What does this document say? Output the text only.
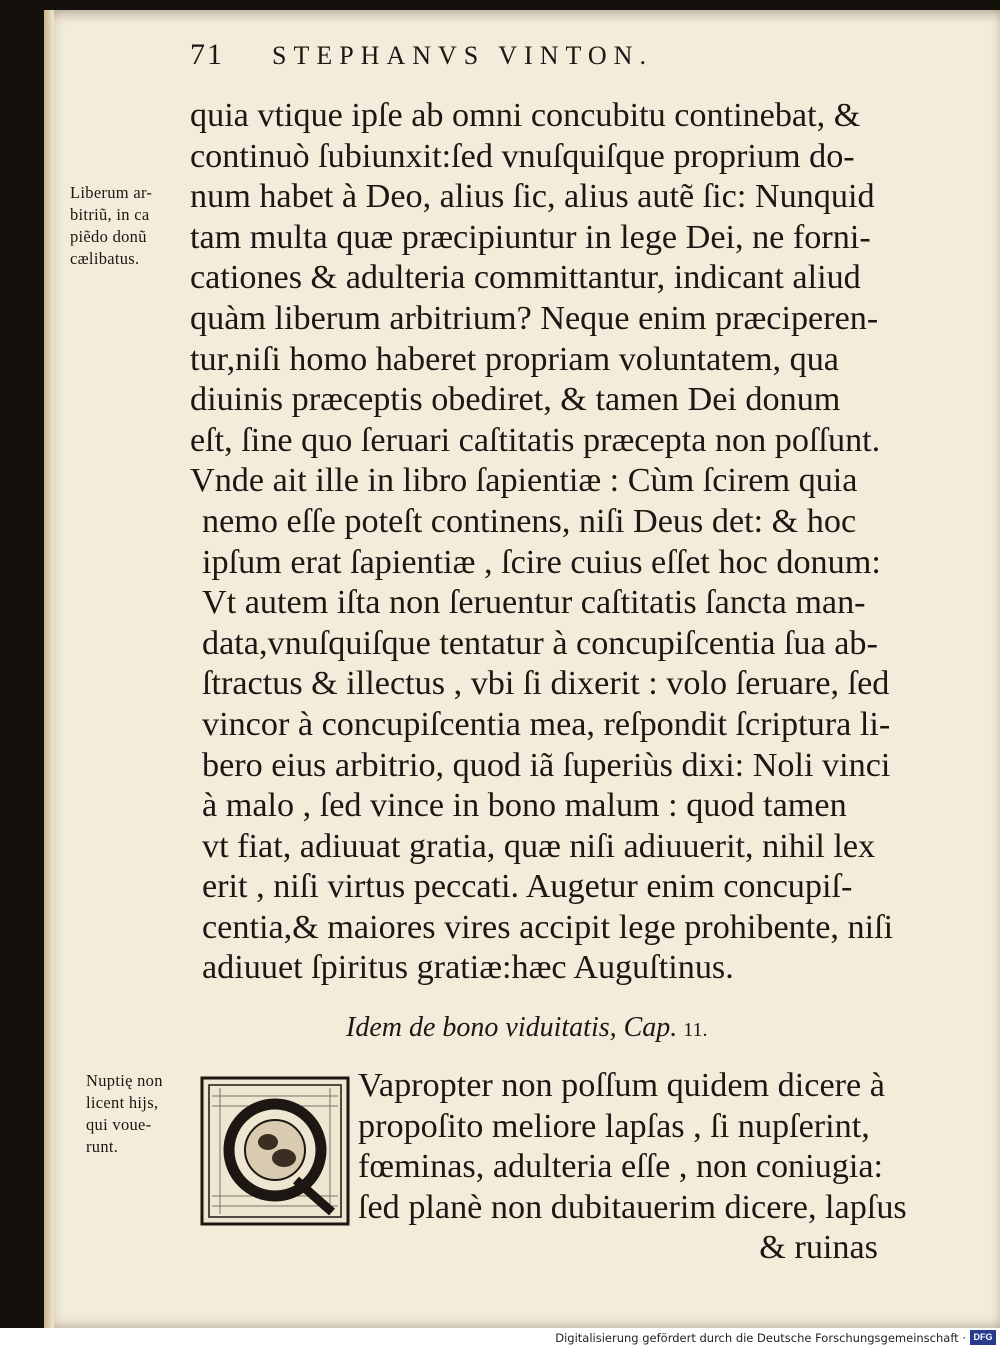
71 STEPHANVS VINTON.
Liberum ar-
bitriũ, in ca
piẽdo donũ
cælibatus.
quia vtique ipſe ab omni concubitu continebat, &
continuò ſubiunxit:ſed vnuſquiſque proprium do-
num habet à Deo, alius ſic, alius autẽ ſic: Nunquid
tam multa quæ præcipiuntur in lege Dei, ne forni-
cationes & adulteria committantur, indicant aliud
quàm liberum arbitrium? Neque enim præciperen-
tur,niſi homo haberet propriam voluntatem, qua
diuinis præceptis obediret, & tamen Dei donum
eſt, ſine quo ſeruari caſtitatis præcepta non poſſunt.
Vnde ait ille in libro ſapientiæ : Cùm ſcirem quia
nemo eſſe poteſt continens, niſi Deus det: & hoc
ipſum erat ſapientiæ , ſcire cuius eſſet hoc donum:
Vt autem iſta non ſeruentur caſtitatis ſancta man-
data,vnuſquiſque tentatur à concupiſcentia ſua ab-
ſtractus & illectus , vbi ſi dixerit : volo ſeruare, ſed
vincor à concupiſcentia mea, reſpondit ſcriptura li-
bero eius arbitrio, quod iã ſuperiùs dixi: Noli vinci
à malo , ſed vince in bono malum : quod tamen
vt fiat, adiuuat gratia, quæ niſi adiuuerit, nihil lex
erit , niſi virtus peccati. Augetur enim concupiſ-
centia,& maiores vires accipit lege prohibente, niſi
adiuuet ſpiritus gratiæ:hæc Auguſtinus.
Idem de bono viduitatis, Cap. 11.
Nuptię non
licent hijs,
qui voue-
runt.
Vapropter non poſſum quidem dicere à
propoſito meliore lapſas , ſi nupſerint,
fœminas, adulteria eſſe , non coniugia:
ſed planè non dubitauerim dicere, lapſus
& ruinas
Digitalisierung gefördert durch die Deutsche Forschungsgemeinschaft · DFG
